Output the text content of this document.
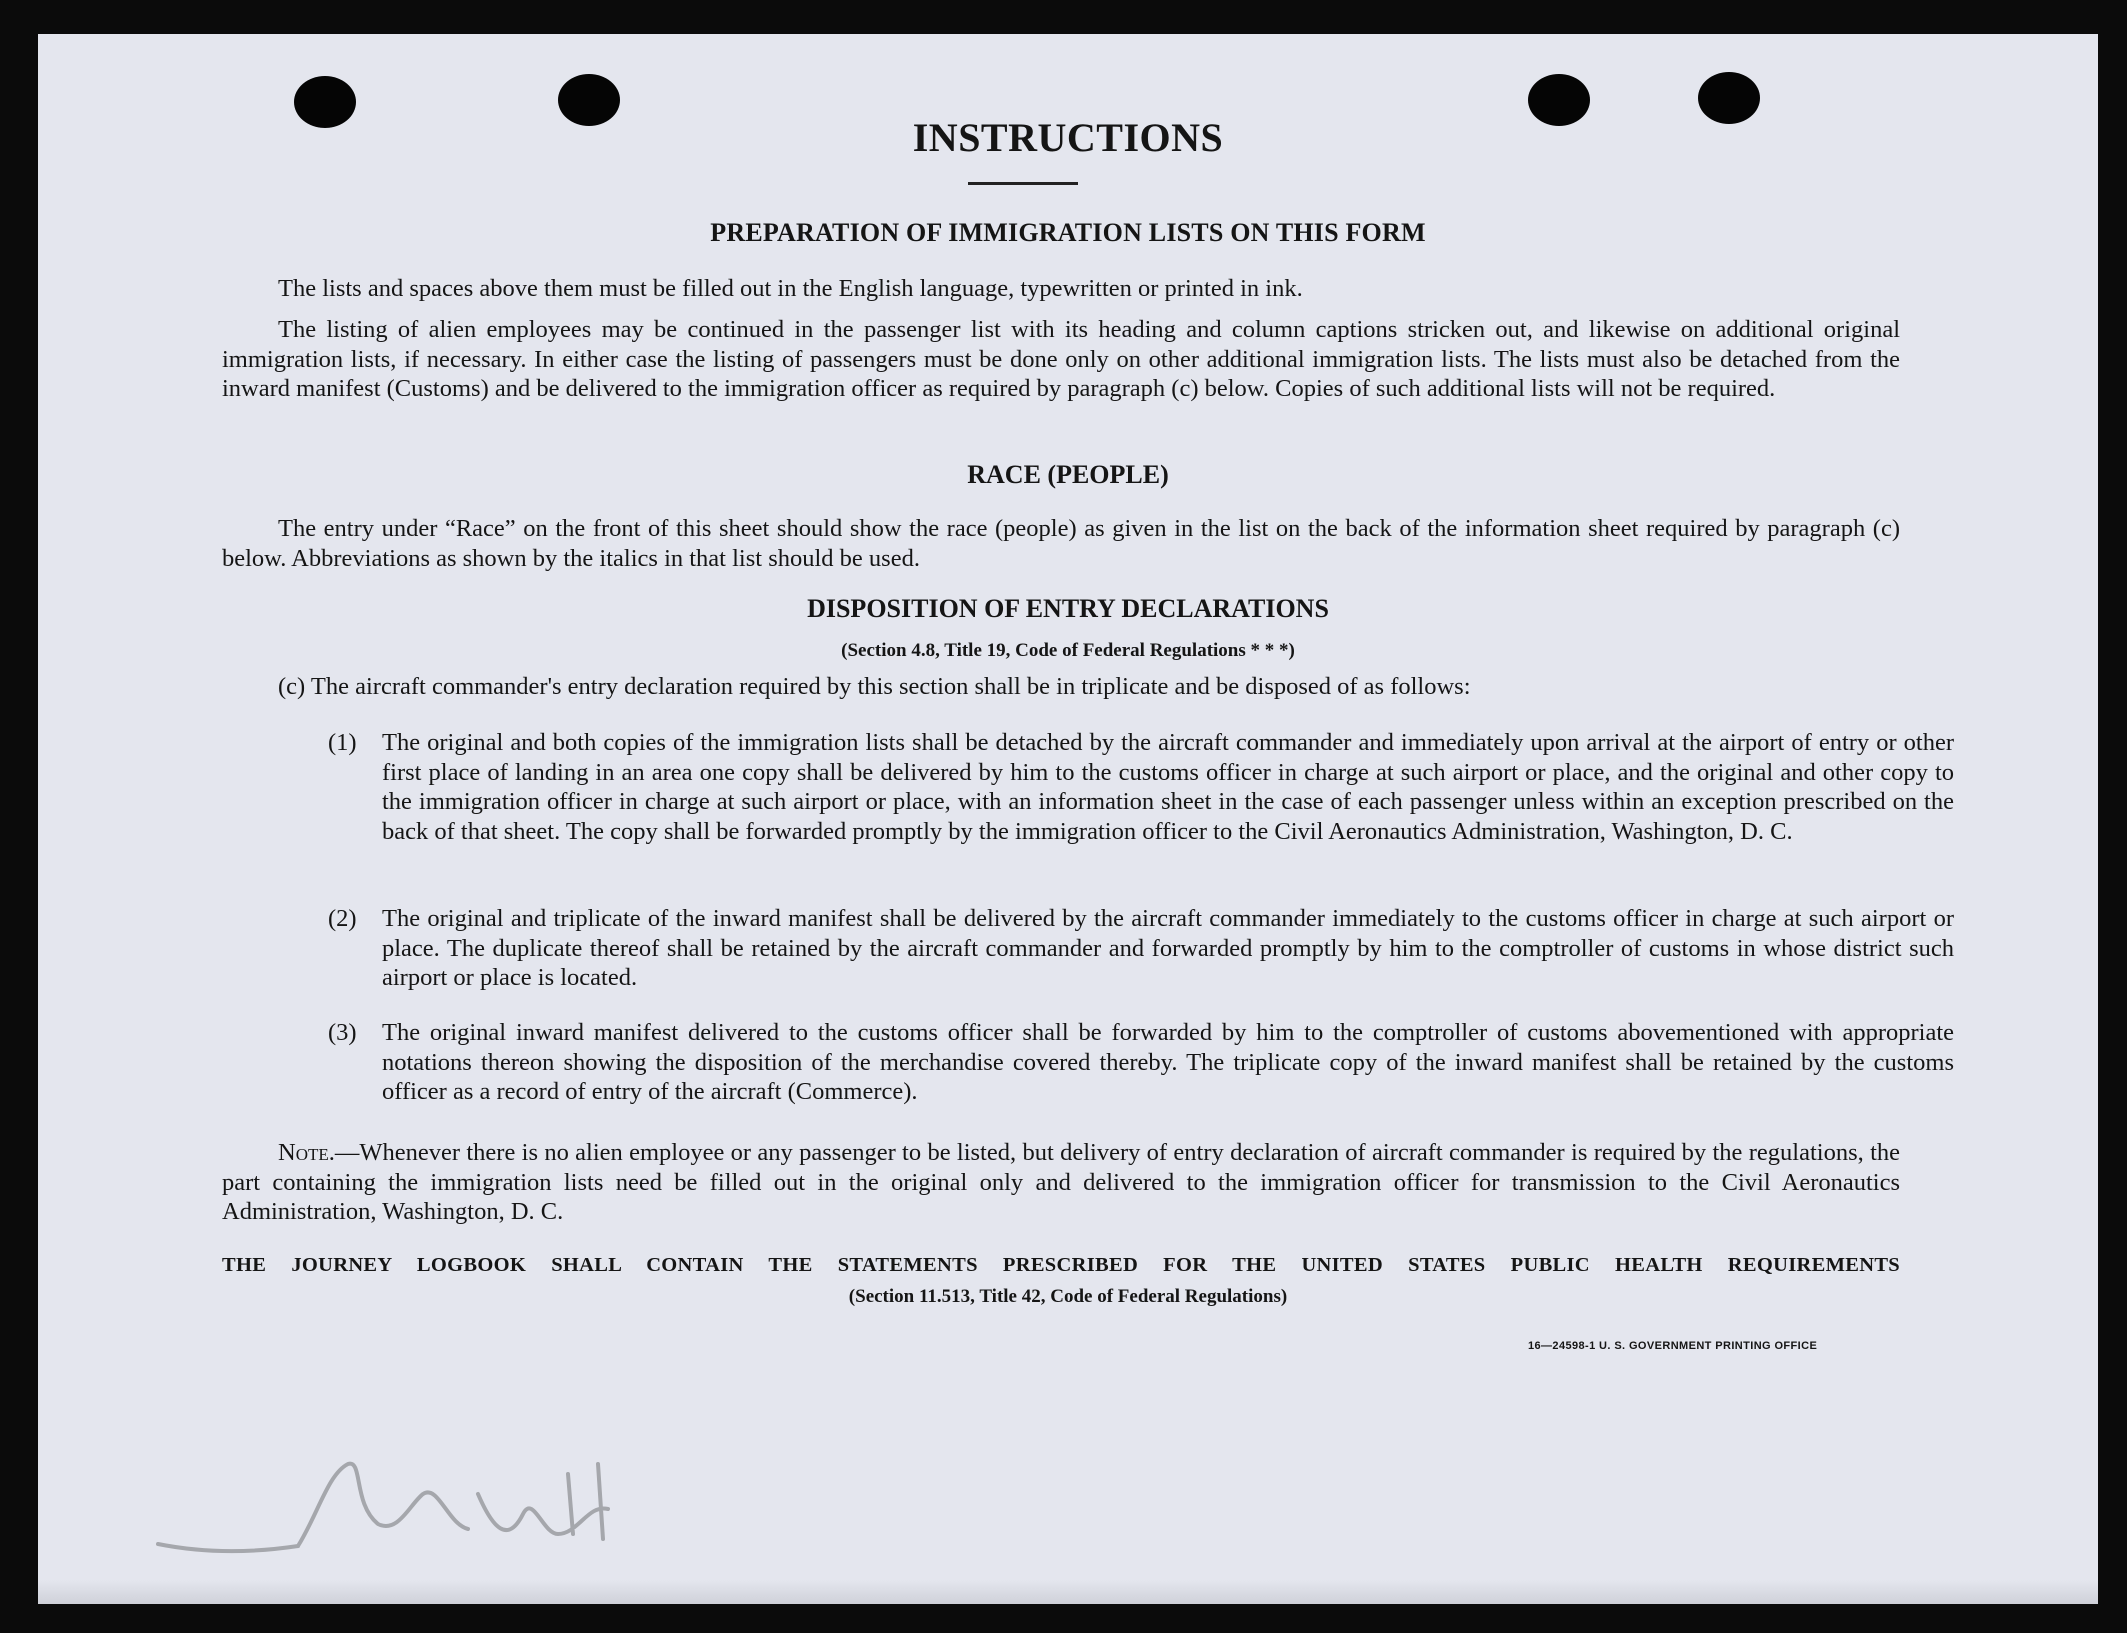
INSTRUCTIONS
PREPARATION OF IMMIGRATION LISTS ON THIS FORM
The lists and spaces above them must be filled out in the English language, typewritten or printed in ink.
The listing of alien employees may be continued in the passenger list with its heading and column captions stricken out, and likewise on additional original immigration lists, if necessary. In either case the listing of passengers must be done only on other additional immigration lists. The lists must also be detached from the inward manifest (Customs) and be delivered to the immigration officer as required by paragraph (c) below. Copies of such additional lists will not be required.
RACE (PEOPLE)
The entry under “Race” on the front of this sheet should show the race (people) as given in the list on the back of the information sheet required by paragraph (c) below. Abbreviations as shown by the italics in that list should be used.
DISPOSITION OF ENTRY DECLARATIONS
(Section 4.8, Title 19, Code of Federal Regulations * * *)
(c) The aircraft commander's entry declaration required by this section shall be in triplicate and be disposed of as follows:
(1) The original and both copies of the immigration lists shall be detached by the aircraft commander and immediately upon arrival at the airport of entry or other first place of landing in an area one copy shall be delivered by him to the customs officer in charge at such airport or place, and the original and other copy to the immigration officer in charge at such airport or place, with an information sheet in the case of each passenger unless within an exception prescribed on the back of that sheet. The copy shall be forwarded promptly by the immigration officer to the Civil Aeronautics Administration, Washington, D. C.
(2) The original and triplicate of the inward manifest shall be delivered by the aircraft commander immediately to the customs officer in charge at such airport or place. The duplicate thereof shall be retained by the aircraft commander and forwarded promptly by him to the comptroller of customs in whose district such airport or place is located.
(3) The original inward manifest delivered to the customs officer shall be forwarded by him to the comptroller of customs abovementioned with appropriate notations thereon showing the disposition of the merchandise covered thereby. The triplicate copy of the inward manifest shall be retained by the customs officer as a record of entry of the aircraft (Commerce).
Note.—Whenever there is no alien employee or any passenger to be listed, but delivery of entry declaration of aircraft commander is required by the regulations, the part containing the immigration lists need be filled out in the original only and delivered to the immigration officer for transmission to the Civil Aeronautics Administration, Washington, D. C.
THE JOURNEY LOGBOOK SHALL CONTAIN THE STATEMENTS PRESCRIBED FOR THE UNITED STATES PUBLIC HEALTH REQUIREMENTS
(Section 11.513, Title 42, Code of Federal Regulations)
16—24598-1 U. S. GOVERNMENT PRINTING OFFICE
